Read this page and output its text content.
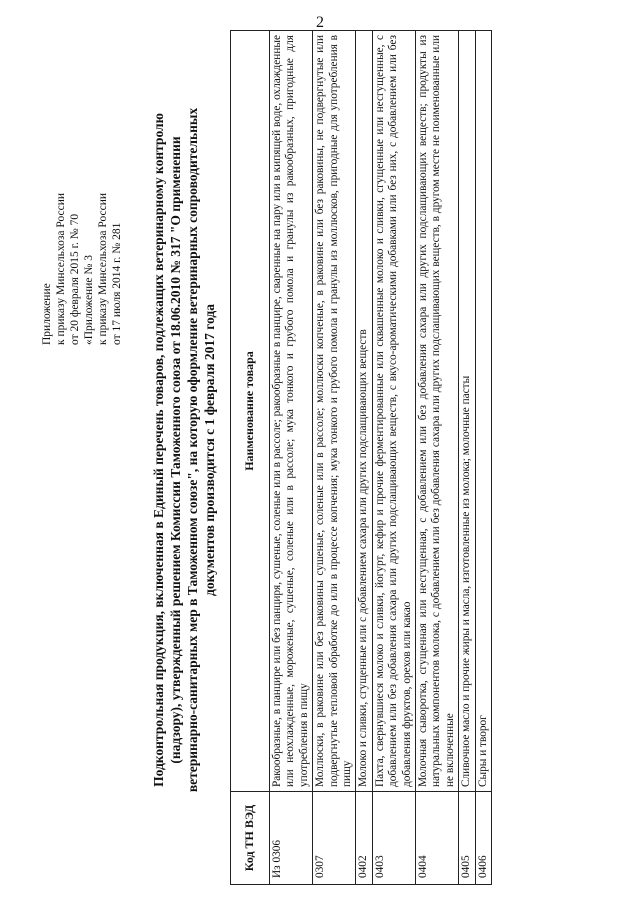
2
Приложение к приказу Минсельхоза России от 20 февраля 2015 г. № 70 «Приложение № 3 к приказу Минсельхоза России от 17 июля 2014 г. № 281 Подконтрольная продукция, включенная в Единый перечень товаров, подлежащих ветеринарному контролю (надзору), утвержденный решением Комиссии Таможенного союза от 18.06.2010 № 317 "О применении ветеринарно-санитарных мер в Таможенном союзе", на которую оформление ветеринарных сопроводительных документов производится с 1 февраля 2017 года
Код ТН ВЭД	Наименование товара
Из 0306	Ракообразные, в панцире или без панциря, сушеные, соленые или в рассоле; ракообразные в панцире, сваренные на пару или в кипящей воде, охлажденные или неохлажденные, мороженые, сушеные, соленые или в рассоле; мука тонкого и грубого помола и гранулы из ракообразных, пригодные для употребления в пищу
0307	Моллюски, в раковине или без раковины сушеные, соленые или в рассоле; моллюски копченые, в раковине или без раковины, не подвергнутые или подвергнутые тепловой обработке до или в процессе копчения; мука тонкого и грубого помола и гранулы из моллюсков, пригодные для употребления в пищу
0402	Молоко и сливки, сгущенные или с добавлением сахара или других подслащивающих веществ
0403	Пахта, свернувшиеся молоко и сливки, йогурт, кефир и прочие ферментированные или сквашенные молоко и сливки, сгущенные или несгущенные, с добавлением или без добавления сахара или других подслащивающих веществ, с вкусо-ароматическими добавками или без них, с добавлением или без добавления фруктов, орехов или какао
0404	Молочная сыворотка, сгущенная или несгущенная, с добавлением или без добавления сахара или других подслащивающих веществ; продукты из натуральных компонентов молока, с добавлением или без добавления сахара или других подслащивающих веществ, в другом месте не поименованные или не включенные
0405	Сливочное масло и прочие жиры и масла, изготовленные из молока; молочные пасты
0406	Сыры и творог
